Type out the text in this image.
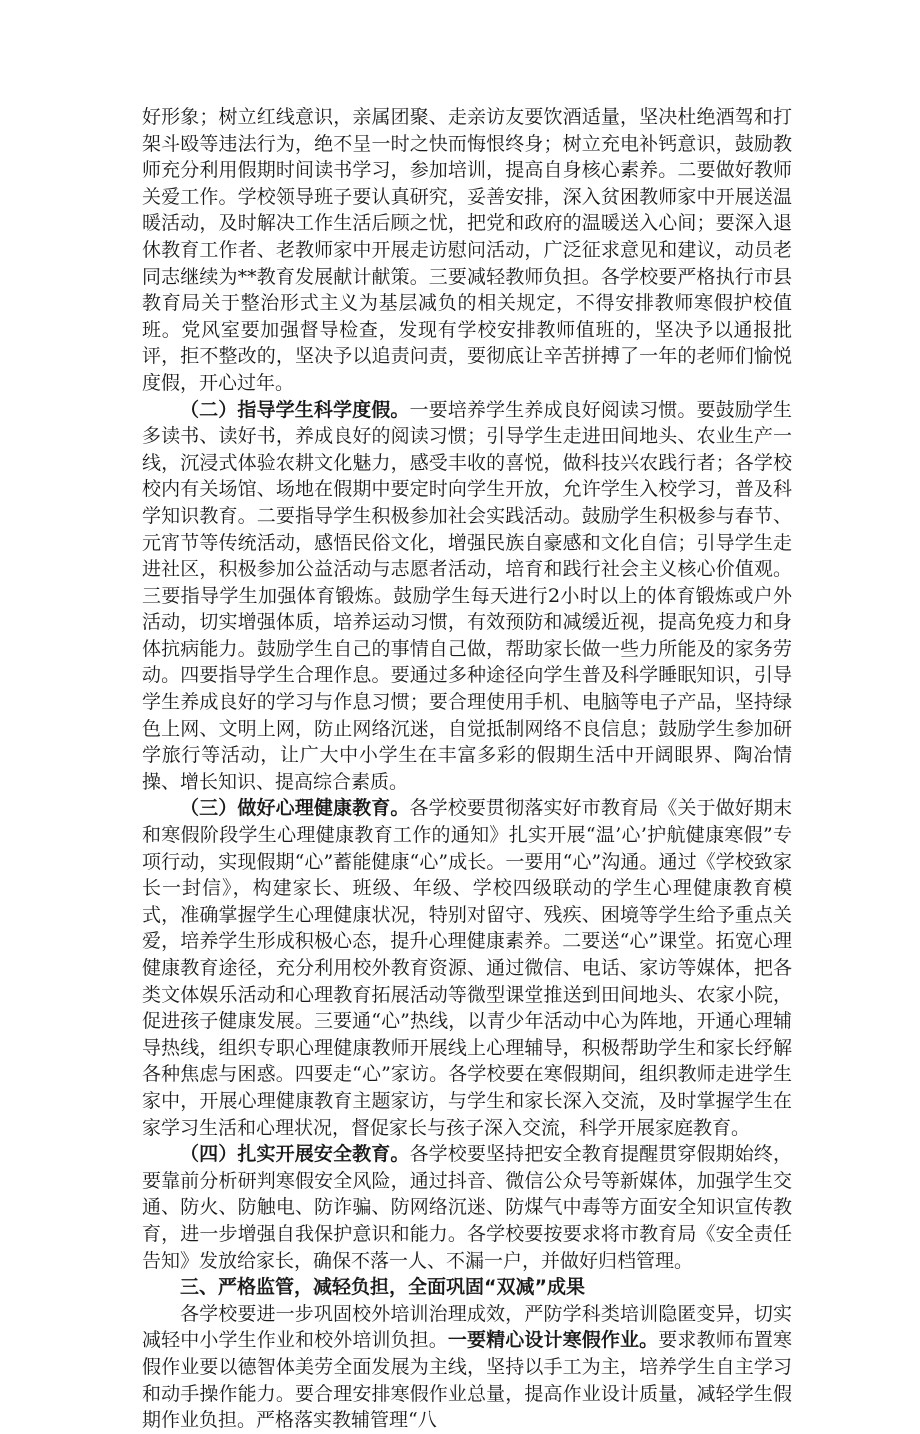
好形象；树立红线意识，亲属团聚、走亲访友要饮酒适量，坚决杜绝酒驾和打架斗殴等违法行为，绝不呈一时之快而悔恨终身；树立充电补钙意识，鼓励教师充分利用假期时间读书学习，参加培训，提高自身核心素养。二要做好教师关爱工作。学校领导班子要认真研究，妥善安排，深入贫困教师家中开展送温暖活动，及时解决工作生活后顾之忧，把党和政府的温暖送入心间；要深入退休教育工作者、老教师家中开展走访慰问活动，广泛征求意见和建议，动员老同志继续为**教育发展献计献策。三要减轻教师负担。各学校要严格执行市县教育局关于整治形式主义为基层减负的相关规定，不得安排教师寒假护校值班。党风室要加强督导检查，发现有学校安排教师值班的，坚决予以通报批评，拒不整改的，坚决予以追责问责，要彻底让辛苦拼搏了一年的老师们愉悦度假，开心过年。

（二）指导学生科学度假。一要培养学生养成良好阅读习惯。要鼓励学生多读书、读好书，养成良好的阅读习惯；引导学生走进田间地头、农业生产一线，沉浸式体验农耕文化魅力，感受丰收的喜悦，做科技兴农践行者；各学校校内有关场馆、场地在假期中要定时向学生开放，允许学生入校学习，普及科学知识教育。二要指导学生积极参加社会实践活动。鼓励学生积极参与春节、元宵节等传统活动，感悟民俗文化，增强民族自豪感和文化自信；引导学生走进社区，积极参加公益活动与志愿者活动，培育和践行社会主义核心价值观。三要指导学生加强体育锻炼。鼓励学生每天进行2小时以上的体育锻炼或户外活动，切实增强体质，培养运动习惯，有效预防和减缓近视，提高免疫力和身体抗病能力。鼓励学生自己的事情自己做，帮助家长做一些力所能及的家务劳动。四要指导学生合理作息。要通过多种途径向学生普及科学睡眠知识，引导学生养成良好的学习与作息习惯；要合理使用手机、电脑等电子产品，坚持绿色上网、文明上网，防止网络沉迷，自觉抵制网络不良信息；鼓励学生参加研学旅行等活动，让广大中小学生在丰富多彩的假期生活中开阔眼界、陶冶情操、增长知识、提高综合素质。

（三）做好心理健康教育。各学校要贯彻落实好市教育局《关于做好期末和寒假阶段学生心理健康教育工作的通知》扎实开展“温’心’护航健康寒假”专项行动，实现假期“心”蓄能健康“心”成长。一要用“心”沟通。通过《学校致家长一封信》，构建家长、班级、年级、学校四级联动的学生心理健康教育模式，准确掌握学生心理健康状况，特别对留守、残疾、困境等学生给予重点关爱，培养学生形成积极心态，提升心理健康素养。二要送“心”课堂。拓宽心理健康教育途径，充分利用校外教育资源、通过微信、电话、家访等媒体，把各类文体娱乐活动和心理教育拓展活动等微型课堂推送到田间地头、农家小院，促进孩子健康发展。三要通“心”热线，以青少年活动中心为阵地，开通心理辅导热线，组织专职心理健康教师开展线上心理辅导，积极帮助学生和家长纾解各种焦虑与困惑。四要走“心”家访。各学校要在寒假期间，组织教师走进学生家中，开展心理健康教育主题家访，与学生和家长深入交流，及时掌握学生在家学习生活和心理状况，督促家长与孩子深入交流，科学开展家庭教育。

（四）扎实开展安全教育。各学校要坚持把安全教育提醒贯穿假期始终，要靠前分析研判寒假安全风险，通过抖音、微信公众号等新媒体，加强学生交通、防火、防触电、防诈骗、防网络沉迷、防煤气中毒等方面安全知识宣传教育，进一步增强自我保护意识和能力。各学校要按要求将市教育局《安全责任告知》发放给家长，确保不落一人、不漏一户，并做好归档管理。

三、严格监管，减轻负担，全面巩固“双减”成果

各学校要进一步巩固校外培训治理成效，严防学科类培训隐匿变异，切实减轻中小学生作业和校外培训负担。一要精心设计寒假作业。要求教师布置寒假作业要以德智体美劳全面发展为主线，坚持以手工为主，培养学生自主学习和动手操作能力。要合理安排寒假作业总量，提高作业设计质量，减轻学生假期作业负担。严格落实教辅管理“八
